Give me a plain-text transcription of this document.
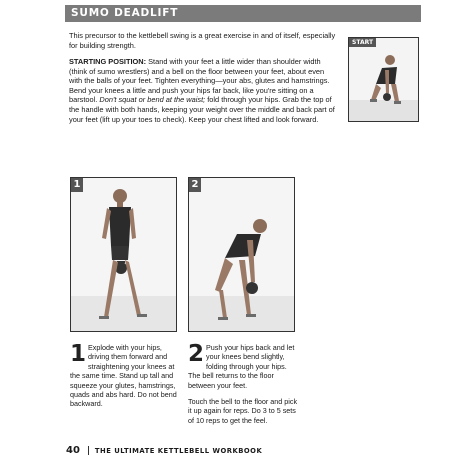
SUMO DEADLIFT

This precursor to the kettlebell swing is a great exercise in and of itself, especially for building strength.

STARTING POSITION: Stand with your feet a little wider than shoulder width (think of sumo wrestlers) and a bell on the floor between your feet, about even with the balls of your feet. Tighten everything—your abs, glutes and hamstrings. Bend your knees a little and push your hips far back, like you're sitting on a barstool. Don't squat or bend at the waist; fold through your hips. Grab the top of the handle with both hands, keeping your weight over the middle and back part of your feet (lift up your toes to check). Keep your chest lifted and look forward.

START
1	2
1 Explode with your hips, driving them forward and straightening your knees at the same time. Stand up tall and squeeze your glutes, hamstrings, quads and abs hard. Do not bend backward.
2 Push your hips back and let your knees bend slightly, folding through your hips. The bell returns to the floor between your feet.

Touch the bell to the floor and pick it up again for reps. Do 3 to 5 sets of 10 reps to get the feel.

40 THE ULTIMATE KETTLEBELL WORKBOOK
